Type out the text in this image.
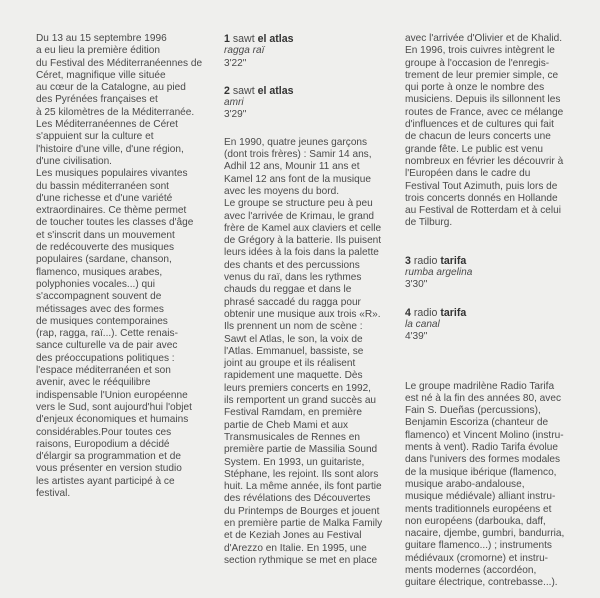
Du 13 au 15 septembre 1996
a eu lieu la première édition
du Festival des Méditerranéennes de
Céret, magnifique ville située
au cœur de la Catalogne, au pied
des Pyrénées françaises et
à 25 kilomètres de la Méditerranée.
Les Méditerranéennes de Céret
s'appuient sur la culture et
l'histoire d'une ville, d'une région,
d'une civilisation.
Les musiques populaires vivantes
du bassin méditerranéen sont
d'une richesse et d'une variété
extraordinaires. Ce thème permet
de toucher toutes les classes d'âge
et s'inscrit dans un mouvement
de redécouverte des musiques
populaires (sardane, chanson,
flamenco, musiques arabes,
polyphonies vocales...) qui
s'accompagnent souvent de
métissages avec des formes
de musiques contemporaines
(rap, ragga, raï...). Cette renais-
sance culturelle va de pair avec
des préoccupations politiques :
l'espace méditerranéen et son
avenir, avec le rééquilibre
indispensable l'Union européenne
vers le Sud, sont aujourd'hui l'objet
d'enjeux économiques et humains
considérables.Pour toutes ces
raisons, Europodium a décidé
d'élargir sa programmation et de
vous présenter en version studio
les artistes ayant participé à ce
festival.
1 sawt el atlas
ragga raï
3'22"
2 sawt el atlas
amri
3'29"
En 1990, quatre jeunes garçons
(dont trois frères) : Samir 14 ans,
Adhil 12 ans, Mounir 11 ans et
Kamel 12 ans font de la musique
avec les moyens du bord.
Le groupe se structure peu à peu
avec l'arrivée de Krimau, le grand
frère de Kamel aux claviers et celle
de Grégory à la batterie. Ils puisent
leurs idées à la fois dans la palette
des chants et des percussions
venus du raï, dans les rythmes
chauds du reggae et dans le
phrasé saccadé du ragga pour
obtenir une musique aux trois «R».
Ils prennent un nom de scène :
Sawt el Atlas, le son, la voix de
l'Atlas. Emmanuel, bassiste, se
joint au groupe et ils réalisent
rapidement une maquette. Dès
leurs premiers concerts en 1992,
ils remportent un grand succès au
Festival Ramdam, en première
partie de Cheb Mami et aux
Transmusicales de Rennes en
première partie de Massilia Sound
System. En 1993, un guitariste,
Stéphane, les rejoint. Ils sont alors
huit. La même année, ils font partie
des révélations des Découvertes
du Printemps de Bourges et jouent
en première partie de Malka Family
et de Keziah Jones au Festival
d'Arezzo en Italie. En 1995, une
section rythmique se met en place
avec l'arrivée d'Olivier et de Khalid.
En 1996, trois cuivres intègrent le
groupe à l'occasion de l'enregis-
trement de leur premier simple, ce
qui porte à onze le nombre des
musiciens. Depuis ils sillonnent les
routes de France, avec ce mélange
d'influences et de cultures qui fait
de chacun de leurs concerts une
grande fête. Le public est venu
nombreux en février les découvrir à
l'Européen dans le cadre du
Festival Tout Azimuth, puis lors de
trois concerts donnés en Hollande
au Festival de Rotterdam et à celui
de Tilburg.
3 radio tarifa
rumba argelina
3'30"
4 radio tarifa
la canal
4'39"
Le groupe madrilène Radio Tarifa
est né à la fin des années 80, avec
Fain S. Dueñas (percussions),
Benjamin Escoriza (chanteur de
flamenco) et Vincent Molino (instru-
ments à vent). Radio Tarifa évolue
dans l'univers des formes modales
de la musique ibérique (flamenco,
musique arabo-andalouse,
musique médiévale) alliant instru-
ments traditionnels européens et
non européens (darbouka, daff,
nacaire, djembe, gumbri, bandurria,
guitare flamenco...) ; instruments
médiévaux (cromorne) et instru-
ments modernes (accordéon,
guitare électrique, contrebasse...).
